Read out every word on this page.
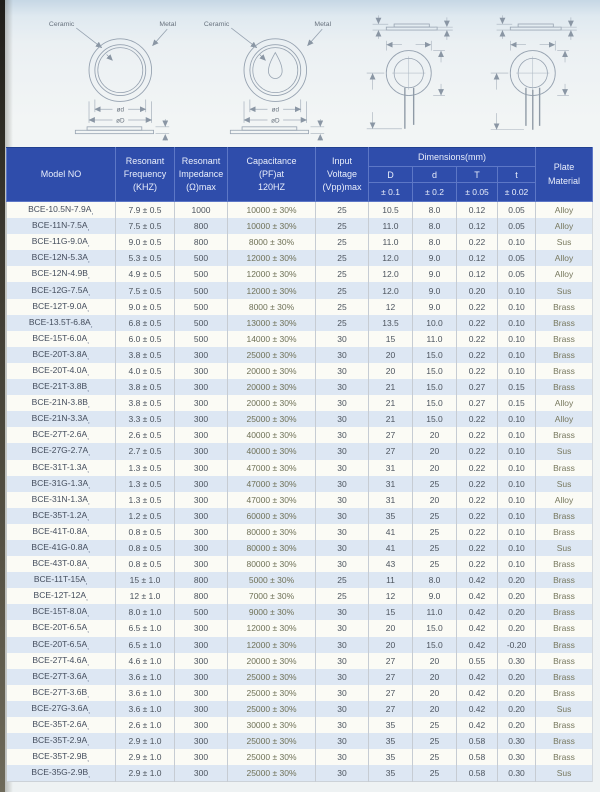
Ceramic	Metal
ød
øD
Ceramic	Metal
ød
øD
Model NO

Resonant
Frequency
(KHZ)

Resonant
Impedance
(Ω)max

Capacitance
(PF)at
120HZ

Input
Voltage
(Vpp)max
	Dimensions(mm)	
Plate
Material

					D	d	T	t	
					± 0.1	± 0.2	± 0.05	± 0.02	
BCE-$10.5N-7.9A_,$	7.9 ± 0.5	1000	10000 ± 30%	25	10.5	8.0	0.12	0.05	Alloy
BCE-$11N-7.5A_,$	7.5 ± 0.5	800	10000 ± 30%	25	11.0	8.0	0.12	0.05	Alloy
BCE-$11G-9.0A_,$	9.0 ± 0.5	800	8000 ± 30%	25	11.0	8.0	0.22	0.10	Sus
BCE-$12N-5.3A_,$	5.3 ± 0.5	500	12000 ± 30%	25	12.0	9.0	0.12	0.05	Alloy
BCE-$12N-4.9B_,$	4.9 ± 0.5	500	12000 ± 30%	25	12.0	9.0	0.12	0.05	Alloy
BCE-$12G-7.5A_,$	7.5 ± 0.5	500	12000 ± 30%	25	12.0	9.0	0.20	0.10	Sus
BCE-$12T-9.0A_,$	9.0 ± 0.5	500	8000 ± 30%	25	12	9.0	0.22	0.10	Brass
BCE-$13.5T-6.8A_,$	6.8 ± 0.5	500	13000 ± 30%	25	13.5	10.0	0.22	0.10	Brass
BCE-$15T-6.0A_,$	6.0 ± 0.5	500	14000 ± 30%	30	15	11.0	0.22	0.10	Brass
BCE-$20T-3.8A_,$	3.8 ± 0.5	300	25000 ± 30%	30	20	15.0	0.22	0.10	Brass
BCE-$20T-4.0A_,$	4.0 ± 0.5	300	20000 ± 30%	30	20	15.0	0.22	0.10	Brass
BCE-$21T-3.8B_,$	3.8 ± 0.5	300	20000 ± 30%	30	21	15.0	0.27	0.15	Brass
BCE-$21N-3.8B_,$	3.8 ± 0.5	300	20000 ± 30%	30	21	15.0	0.27	0.15	Alloy
BCE-$21N-3.3A_,$	3.3 ± 0.5	300	25000 ± 30%	30	21	15.0	0.22	0.10	Alloy
BCE-$27T-2.6A_,$	2.6 ± 0.5	300	40000 ± 30%	30	27	20	0.22	0.10	Brass
BCE-$27G-2.7A_,$	2.7 ± 0.5	300	40000 ± 30%	30	27	20	0.22	0.10	Sus
BCE-$31T-1.3A_,$	1.3 ± 0.5	300	47000 ± 30%	30	31	20	0.22	0.10	Brass
BCE-$31G-1.3A_,$	1.3 ± 0.5	300	47000 ± 30%	30	31	25	0.22	0.10	Sus
BCE-$31N-1.3A_,$	1.3 ± 0.5	300	47000 ± 30%	30	31	20	0.22	0.10	Alloy
BCE-$35T-1.2A_,$	1.2 ± 0.5	300	60000 ± 30%	30	35	25	0.22	0.10	Brass
BCE-$41T-0.8A_,$	0.8 ± 0.5	300	80000 ± 30%	30	41	25	0.22	0.10	Brass
BCE-$41G-0.8A_,$	0.8 ± 0.5	300	80000 ± 30%	30	41	25	0.22	0.10	Sus
BCE-$43T-0.8A_,$	0.8 ± 0.5	300	80000 ± 30%	30	43	25	0.22	0.10	Brass
BCE-$11T-15A_,$	15 ± 1.0	800	5000 ± 30%	25	11	8.0	0.42	0.20	Brass
BCE-$12T-12A_,$	12 ± 1.0	800	7000 ± 30%	25	12	9.0	0.42	0.20	Brass
BCE-$15T-8.0A_,$	8.0 ± 1.0	500	9000 ± 30%	30	15	11.0	0.42	0.20	Brass
BCE-$20T-6.5A_,$	6.5 ± 1.0	300	12000 ± 30%	30	20	15.0	0.42	0.20	Brass
BCE-$20T-6.5A_,$	6.5 ± 1.0	300	12000 ± 30%	30	20	15.0	0.42	-0.20	Brass
BCE-$27T-4.6A_,$	4.6 ± 1.0	300	20000 ± 30%	30	27	20	0.55	0.30	Brass
BCE-$27T-3.6A_,$	3.6 ± 1.0	300	25000 ± 30%	30	27	20	0.42	0.20	Brass
BCE-$27T-3.6B_,$	3.6 ± 1.0	300	25000 ± 30%	30	27	20	0.42	0.20	Brass
BCE-$27G-3.6A_,$	3.6 ± 1.0	300	25000 ± 30%	30	27	20	0.42	0.20	Sus
BCE-$35T-2.6A_,$	2.6 ± 1.0	300	30000 ± 30%	30	35	25	0.42	0.20	Brass
BCE-$35T-2.9A_,$	2.9 ± 1.0	300	25000 ± 30%	30	35	25	0.58	0.30	Brass
BCE-$35T-2.9B_,$	2.9 ± 1.0	300	25000 ± 30%	30	35	25	0.58	0.30	Brass
BCE-$35G-2.9B_,$	2.9 ± 1.0	300	25000 ± 30%	30	35	25	0.58	0.30	Sus
